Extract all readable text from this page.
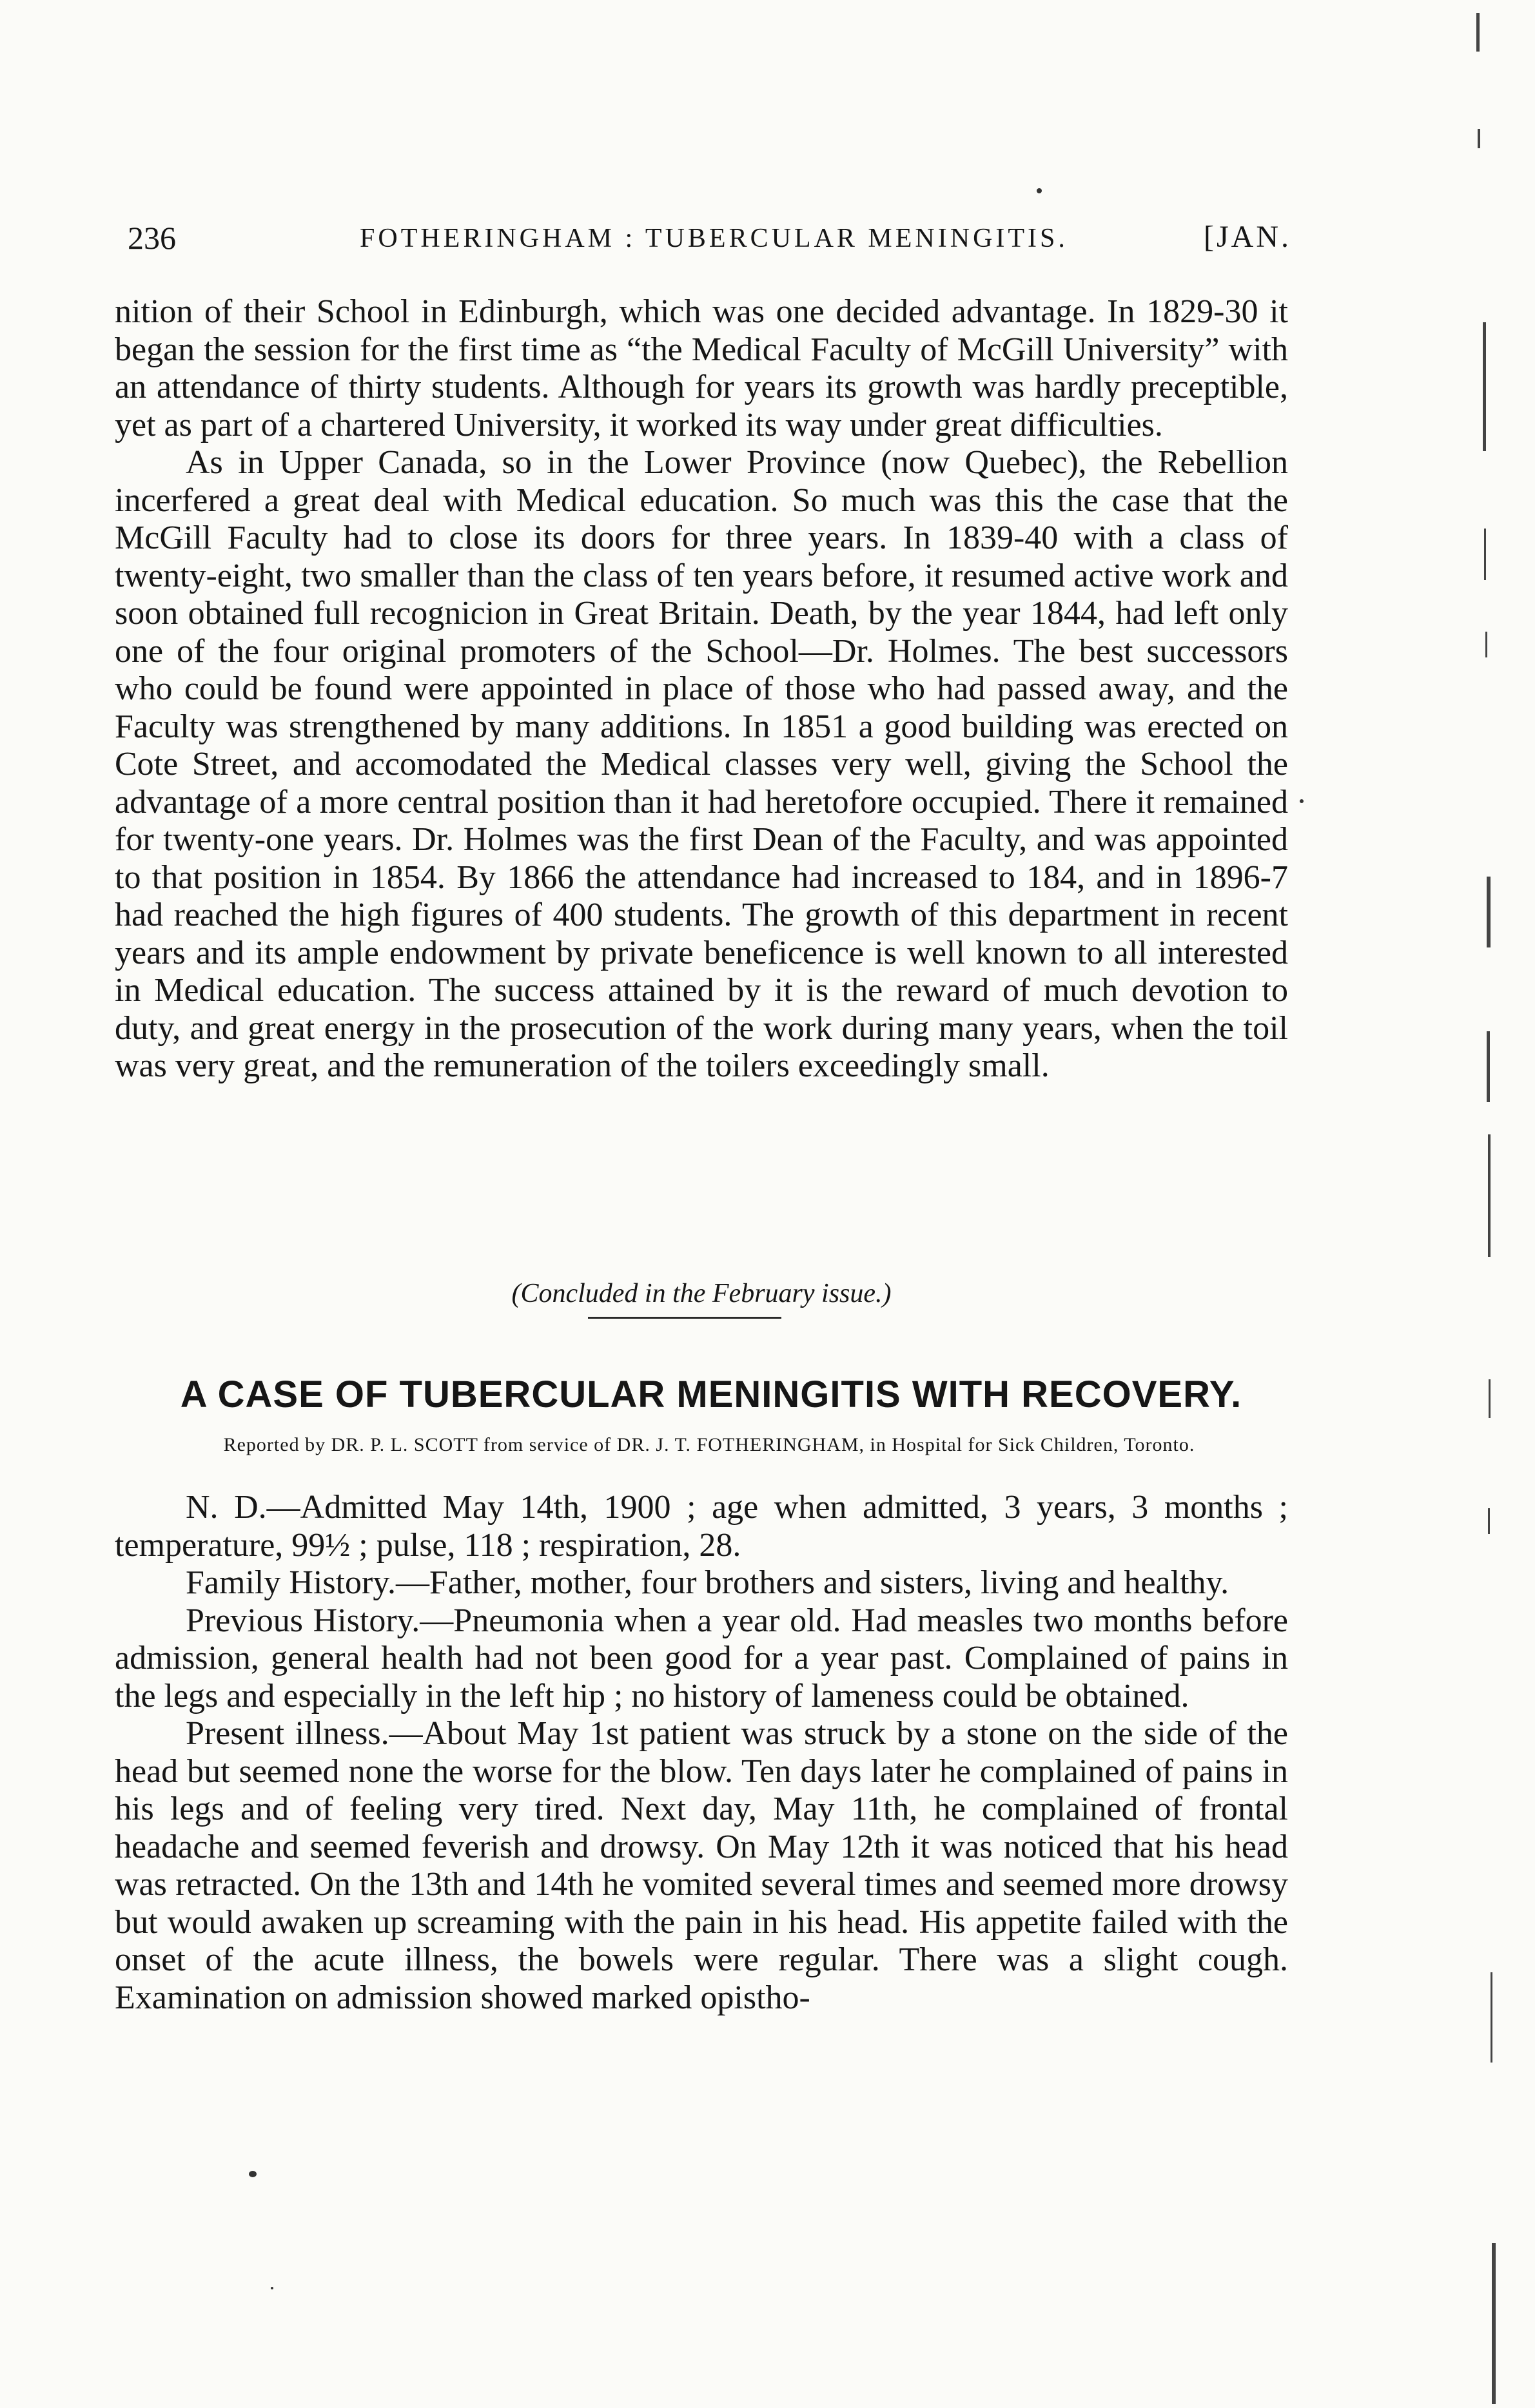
236	FOTHERINGHAM : TUBERCULAR MENINGITIS.	[JAN.

nition of their School in Edinburgh, which was one decided advantage. In 1829-30 it began the session for the first time as “the Medical Faculty of McGill University” with an attendance of thirty students. Although for years its growth was hardly preceptible, yet as part of a chartered University, it worked its way under great difficulties.

As in Upper Canada, so in the Lower Province (now Quebec), the Rebellion incerfered a great deal with Medical education. So much was this the case that the McGill Faculty had to close its doors for three years. In 1839-40 with a class of twenty-eight, two smaller than the class of ten years before, it resumed active work and soon obtained full recognicion in Great Britain. Death, by the year 1844, had left only one of the four original promoters of the School—Dr. Holmes. The best successors who could be found were appointed in place of those who had passed away, and the Faculty was strengthened by many additions. In 1851 a good building was erected on Cote Street, and accomodated the Medical classes very well, giving the School the advantage of a more central position than it had heretofore occupied. There it remained for twenty-one years. Dr. Holmes was the first Dean of the Faculty, and was appointed to that position in 1854. By 1866 the attendance had increased to 184, and in 1896-7 had reached the high figures of 400 students. The growth of this department in recent years and its ample endowment by private beneficence is well known to all interested in Medical education. The success attained by it is the reward of much devotion to duty, and great energy in the prosecution of the work during many years, when the toil was very great, and the remuneration of the toilers exceedingly small.

(Concluded in the February issue.)
A CASE OF TUBERCULAR MENINGITIS WITH RECOVERY.
Reported by DR. P. L. SCOTT from service of DR. J. T. FOTHERINGHAM, in Hospital for Sick Children, Toronto.

N. D.—Admitted May 14th, 1900 ; age when admitted, 3 years, 3 months ; temperature, 99½ ; pulse, 118 ; respiration, 28.

Family History.—Father, mother, four brothers and sisters, living and healthy.

Previous History.—Pneumonia when a year old. Had measles two months before admission, general health had not been good for a year past. Complained of pains in the legs and especially in the left hip ; no history of lameness could be obtained.

Present illness.—About May 1st patient was struck by a stone on the side of the head but seemed none the worse for the blow. Ten days later he complained of pains in his legs and of feeling very tired. Next day, May 11th, he complained of frontal headache and seemed feverish and drowsy. On May 12th it was noticed that his head was retracted. On the 13th and 14th he vomited several times and seemed more drowsy but would awaken up screaming with the pain in his head. His appetite failed with the onset of the acute illness, the bowels were regular. There was a slight cough. Examination on admission showed marked opistho-
